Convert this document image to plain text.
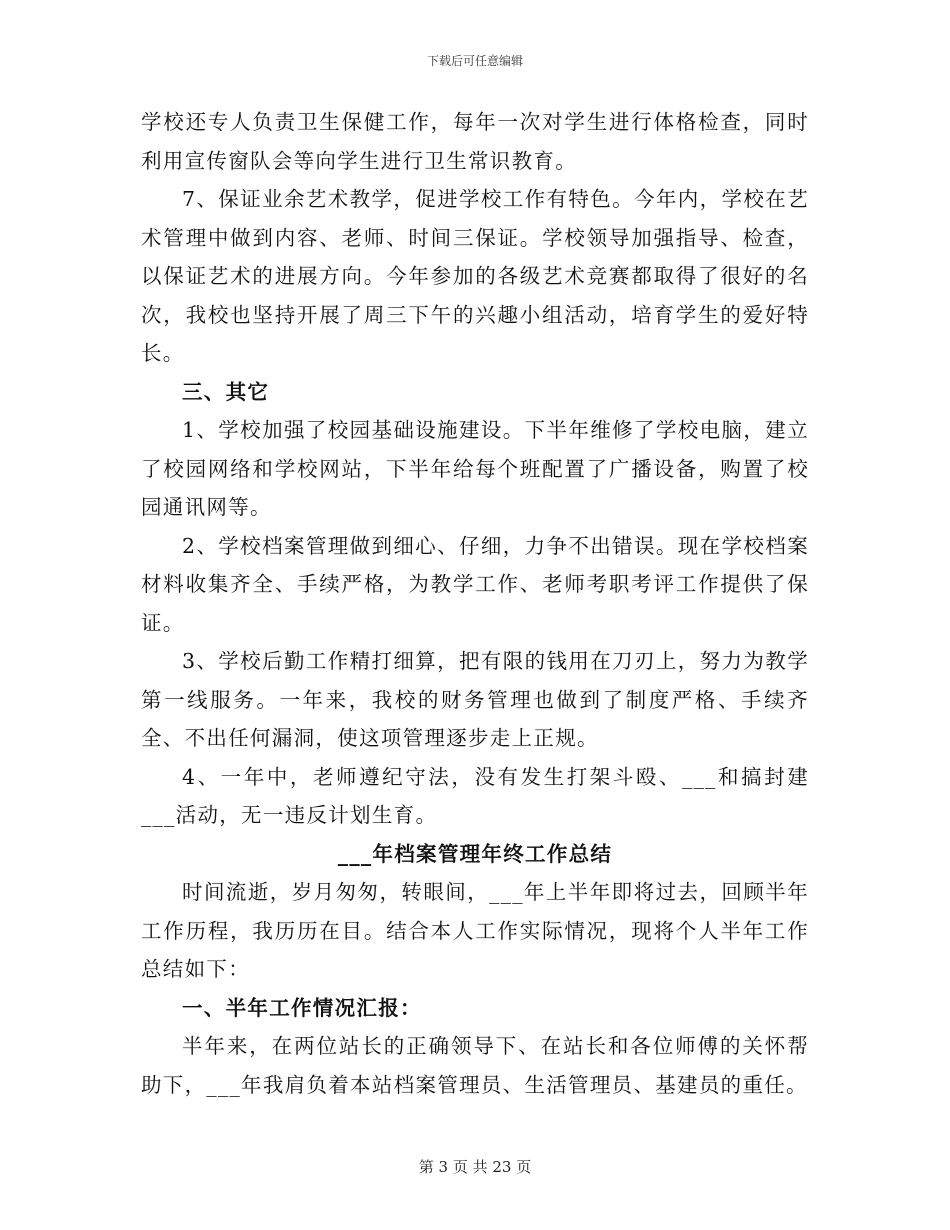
下载后可任意编辑

学校还专人负责卫生保健工作，每年一次对学生进行体格检查，同时利用宣传窗队会等向学生进行卫生常识教育。

7、保证业余艺术教学，促进学校工作有特色。今年内，学校在艺术管理中做到内容、老师、时间三保证。学校领导加强指导、检查，以保证艺术的进展方向。今年参加的各级艺术竞赛都取得了很好的名次，我校也坚持开展了周三下午的兴趣小组活动，培育学生的爱好特长。

三、其它

1、学校加强了校园基础设施建设。下半年维修了学校电脑，建立了校园网络和学校网站，下半年给每个班配置了广播设备，购置了校园通讯网等。

2、学校档案管理做到细心、仔细，力争不出错误。现在学校档案材料收集齐全、手续严格，为教学工作、老师考职考评工作提供了保证。

3、学校后勤工作精打细算，把有限的钱用在刀刃上，努力为教学第一线服务。一年来，我校的财务管理也做到了制度严格、手续齐全、不出任何漏洞，使这项管理逐步走上正规。

4、一年中，老师遵纪守法，没有发生打架斗殴、___和搞封建___活动，无一违反计划生育。

___年档案管理年终工作总结

时间流逝，岁月匆匆，转眼间，___年上半年即将过去，回顾半年工作历程，我历历在目。结合本人工作实际情况，现将个人半年工作总结如下：

一、半年工作情况汇报：

半年来，在两位站长的正确领导下、在站长和各位师傅的关怀帮助下，___年我肩负着本站档案管理员、生活管理员、基建员的重任。

第 3 页 共 23 页
